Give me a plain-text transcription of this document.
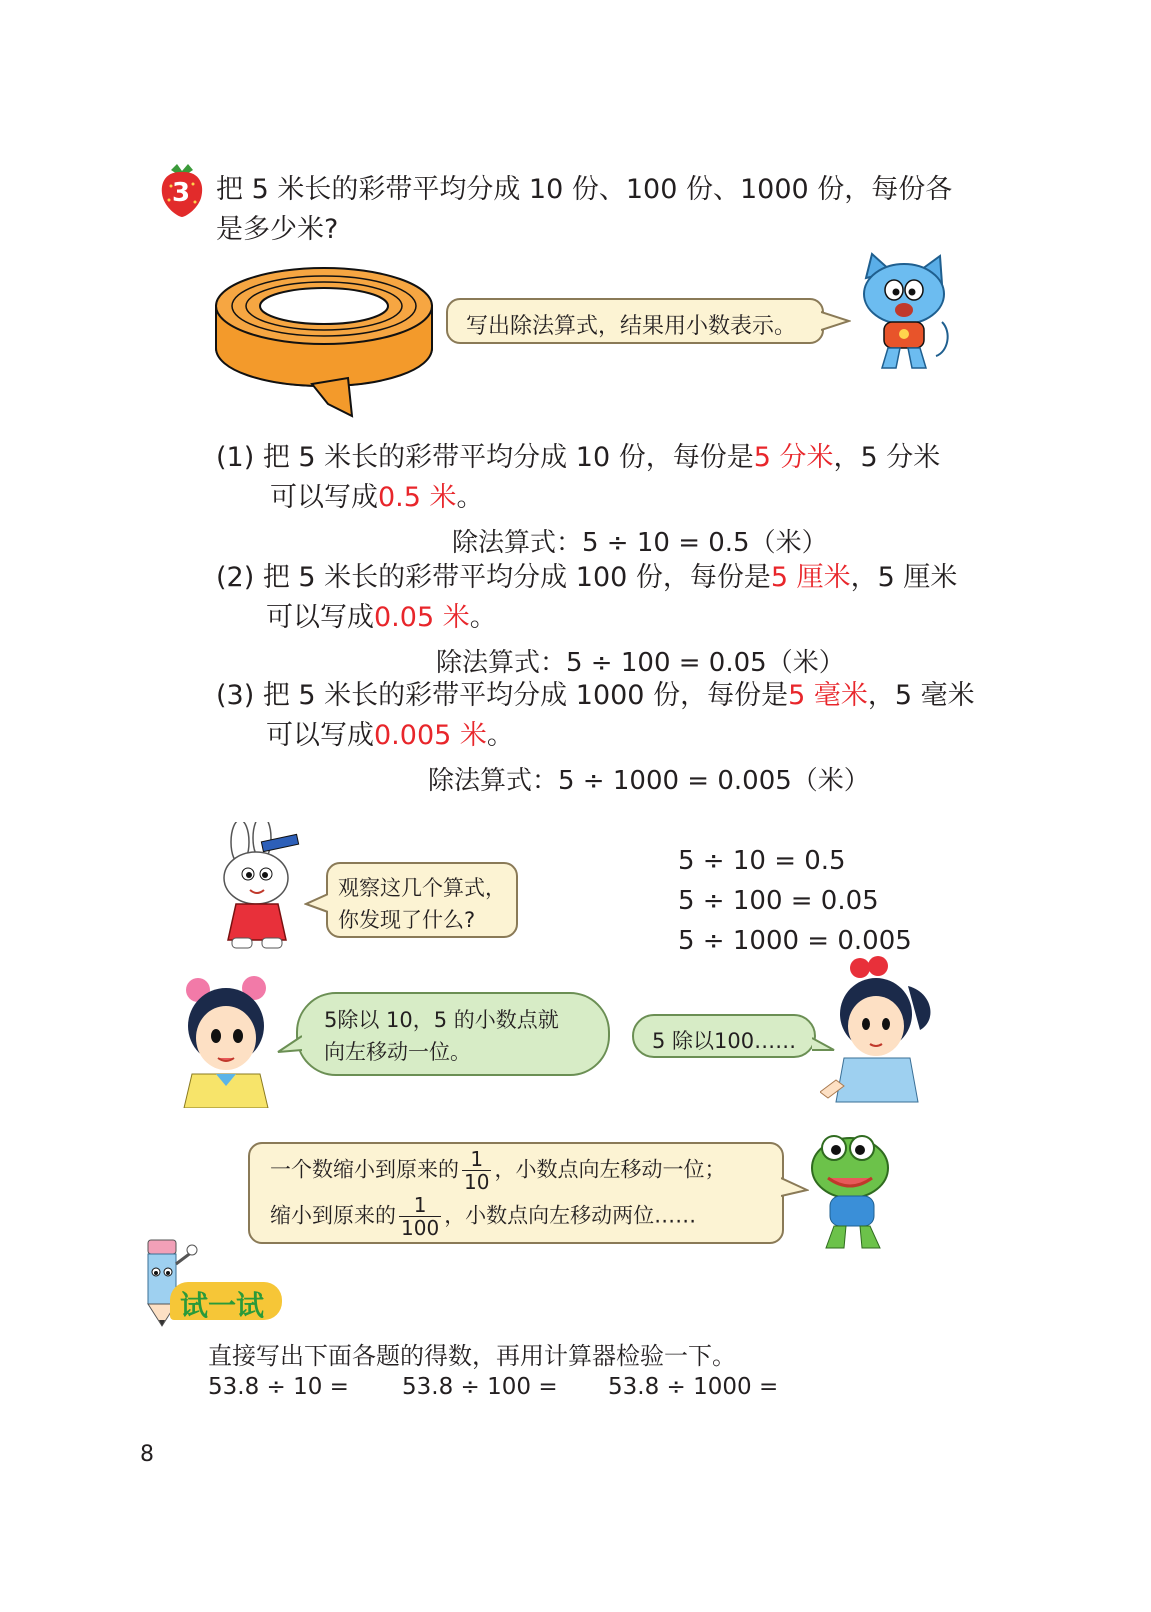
3 把 5 米长的彩带平均分成 10 份、100 份、1000 份，每份各
是多少米?
写出除法算式，结果用小数表示。
(1) 把 5 米长的彩带平均分成 10 份，每份是5 分米，5 分米
可以写成0.5 米。
除法算式：5 ÷ 10 = 0.5（米）
(2) 把 5 米长的彩带平均分成 100 份，每份是5 厘米，5 厘米
可以写成0.05 米。
除法算式：5 ÷ 100 = 0.05（米）
(3) 把 5 米长的彩带平均分成 1000 份，每份是5 毫米，5 毫米
可以写成0.005 米。
除法算式：5 ÷ 1000 = 0.005（米）
观察这几个算式，
你发现了什么?
5 ÷ 10 = 0.5
5 ÷ 100 = 0.05
5 ÷ 1000 = 0.005
5除以 10，5 的小数点就
向左移动一位。	5 除以100……
一个数缩小到原来的 $\frac{1}{10}$ ，小数点向左移动一位；
缩小到原来的 $\frac{1}{100}$ ，小数点向左移动两位……
试一试
直接写出下面各题的得数，再用计算器检验一下。
53.8 ÷ 10 = 53.8 ÷ 100 = 53.8 ÷ 1000 =
8
